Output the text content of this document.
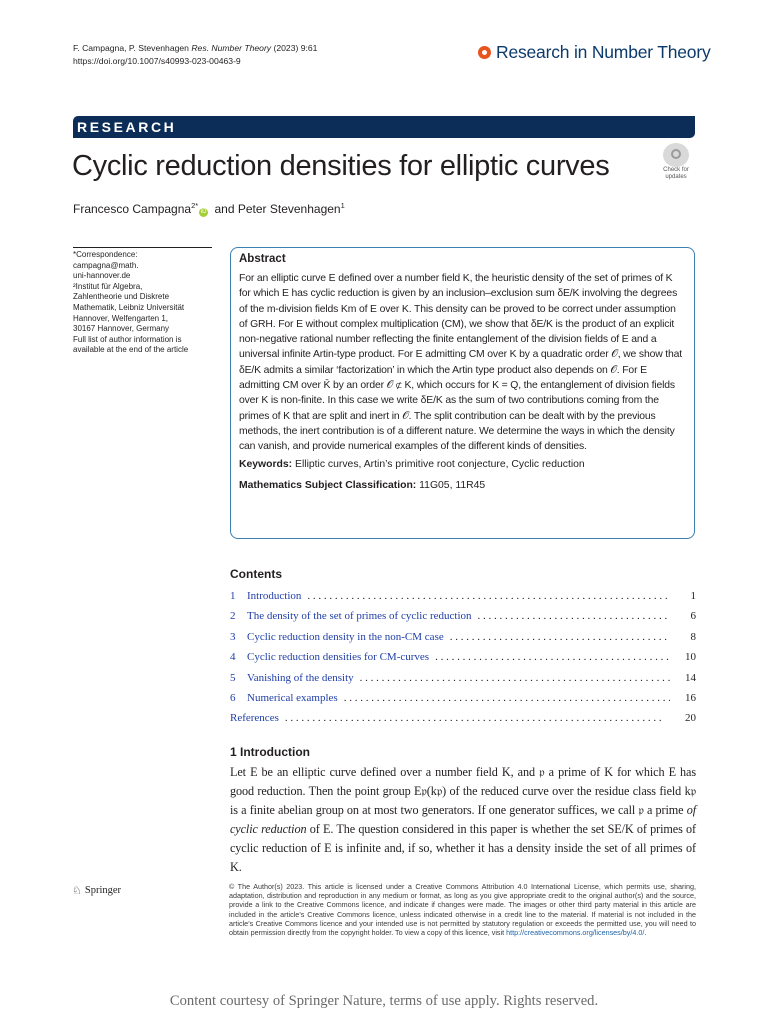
F. Campagna, P. Stevenhagen Res. Number Theory (2023) 9:61
https://doi.org/10.1007/s40993-023-00463-9	Research in Number Theory
RESEARCH
Cyclic reduction densities for elliptic curves	Check for
updates
Francesco Campagna$^{2*}$iD and Peter Stevenhagen$^1$
*Correspondence:
campagna@math.
uni-hannover.de
²Institut für Algebra,
Zahlentheorie und Diskrete
Mathematik, Leibniz Universität
Hannover, Welfengarten 1,
30167 Hannover, Germany
Full list of author information is
available at the end of the article
Abstract

For an elliptic curve E defined over a number field K, the heuristic density of the set of primes of K for which E has cyclic reduction is given by an inclusion–exclusion sum δE/K involving the degrees of the m-division fields Km of E over K. This density can be proved to be correct under assumption of GRH. For E without complex multiplication (CM), we show that δE/K is the product of an explicit non-negative rational number reflecting the finite entanglement of the division fields of E and a universal infinite Artin-type product. For E admitting CM over K by a quadratic order 𝒪, we show that δE/K admits a similar ‘factorization’ in which the Artin type product also depends on 𝒪. For E admitting CM over K̄ by an order 𝒪 ⊄ K, which occurs for K = Q, the entanglement of division fields over K is non-finite. In this case we write δE/K as the sum of two contributions coming from the primes of K that are split and inert in 𝒪. The split contribution can be dealt with by the previous methods, the inert contribution is of a different nature. We determine the ways in which the density can vanish, and provide numerical examples of the different kinds of densities.

Keywords: Elliptic curves, Artin’s primitive root conjecture, Cyclic reduction

Mathematics Subject Classification: 11G05, 11R45

Contents
1	Introduction . . .	1
2	The density of the set of primes of cyclic reduction . . .	6
3	Cyclic reduction density in the non-CM case . . .	8
4	Cyclic reduction densities for CM-curves . . .	10
5	Vanishing of the density . . .	14
6	Numerical examples . . .	16
References . . .	20
1 Introduction
Let E be an elliptic curve defined over a number field K, and 𝔭 a prime of K for which E has good reduction. Then the point group E𝔭(k𝔭) of the reduced curve over the residue class field k𝔭 is a finite abelian group on at most two generators. If one generator suffices, we call 𝔭 a prime of cyclic reduction of E. The question considered in this paper is whether the set SE/K of primes of cyclic reduction of E is infinite and, if so, whether it has a density inside the set of all primes of K.
♘ Springer	© The Author(s) 2023. This article is licensed under a Creative Commons Attribution 4.0 International License, which permits use, sharing, adaptation, distribution and reproduction in any medium or format, as long as you give appropriate credit to the original author(s) and the source, provide a link to the Creative Commons licence, and indicate if changes were made. The images or other third party material in this article are included in the article’s Creative Commons licence, unless indicated otherwise in a credit line to the material. If material is not included in the article’s Creative Commons licence and your intended use is not permitted by statutory regulation or exceeds the permitted use, you will need to obtain permission directly from the copyright holder. To view a copy of this licence, visit http://creativecommons.org/licenses/by/4.0/.
Content courtesy of Springer Nature, terms of use apply. Rights reserved.
